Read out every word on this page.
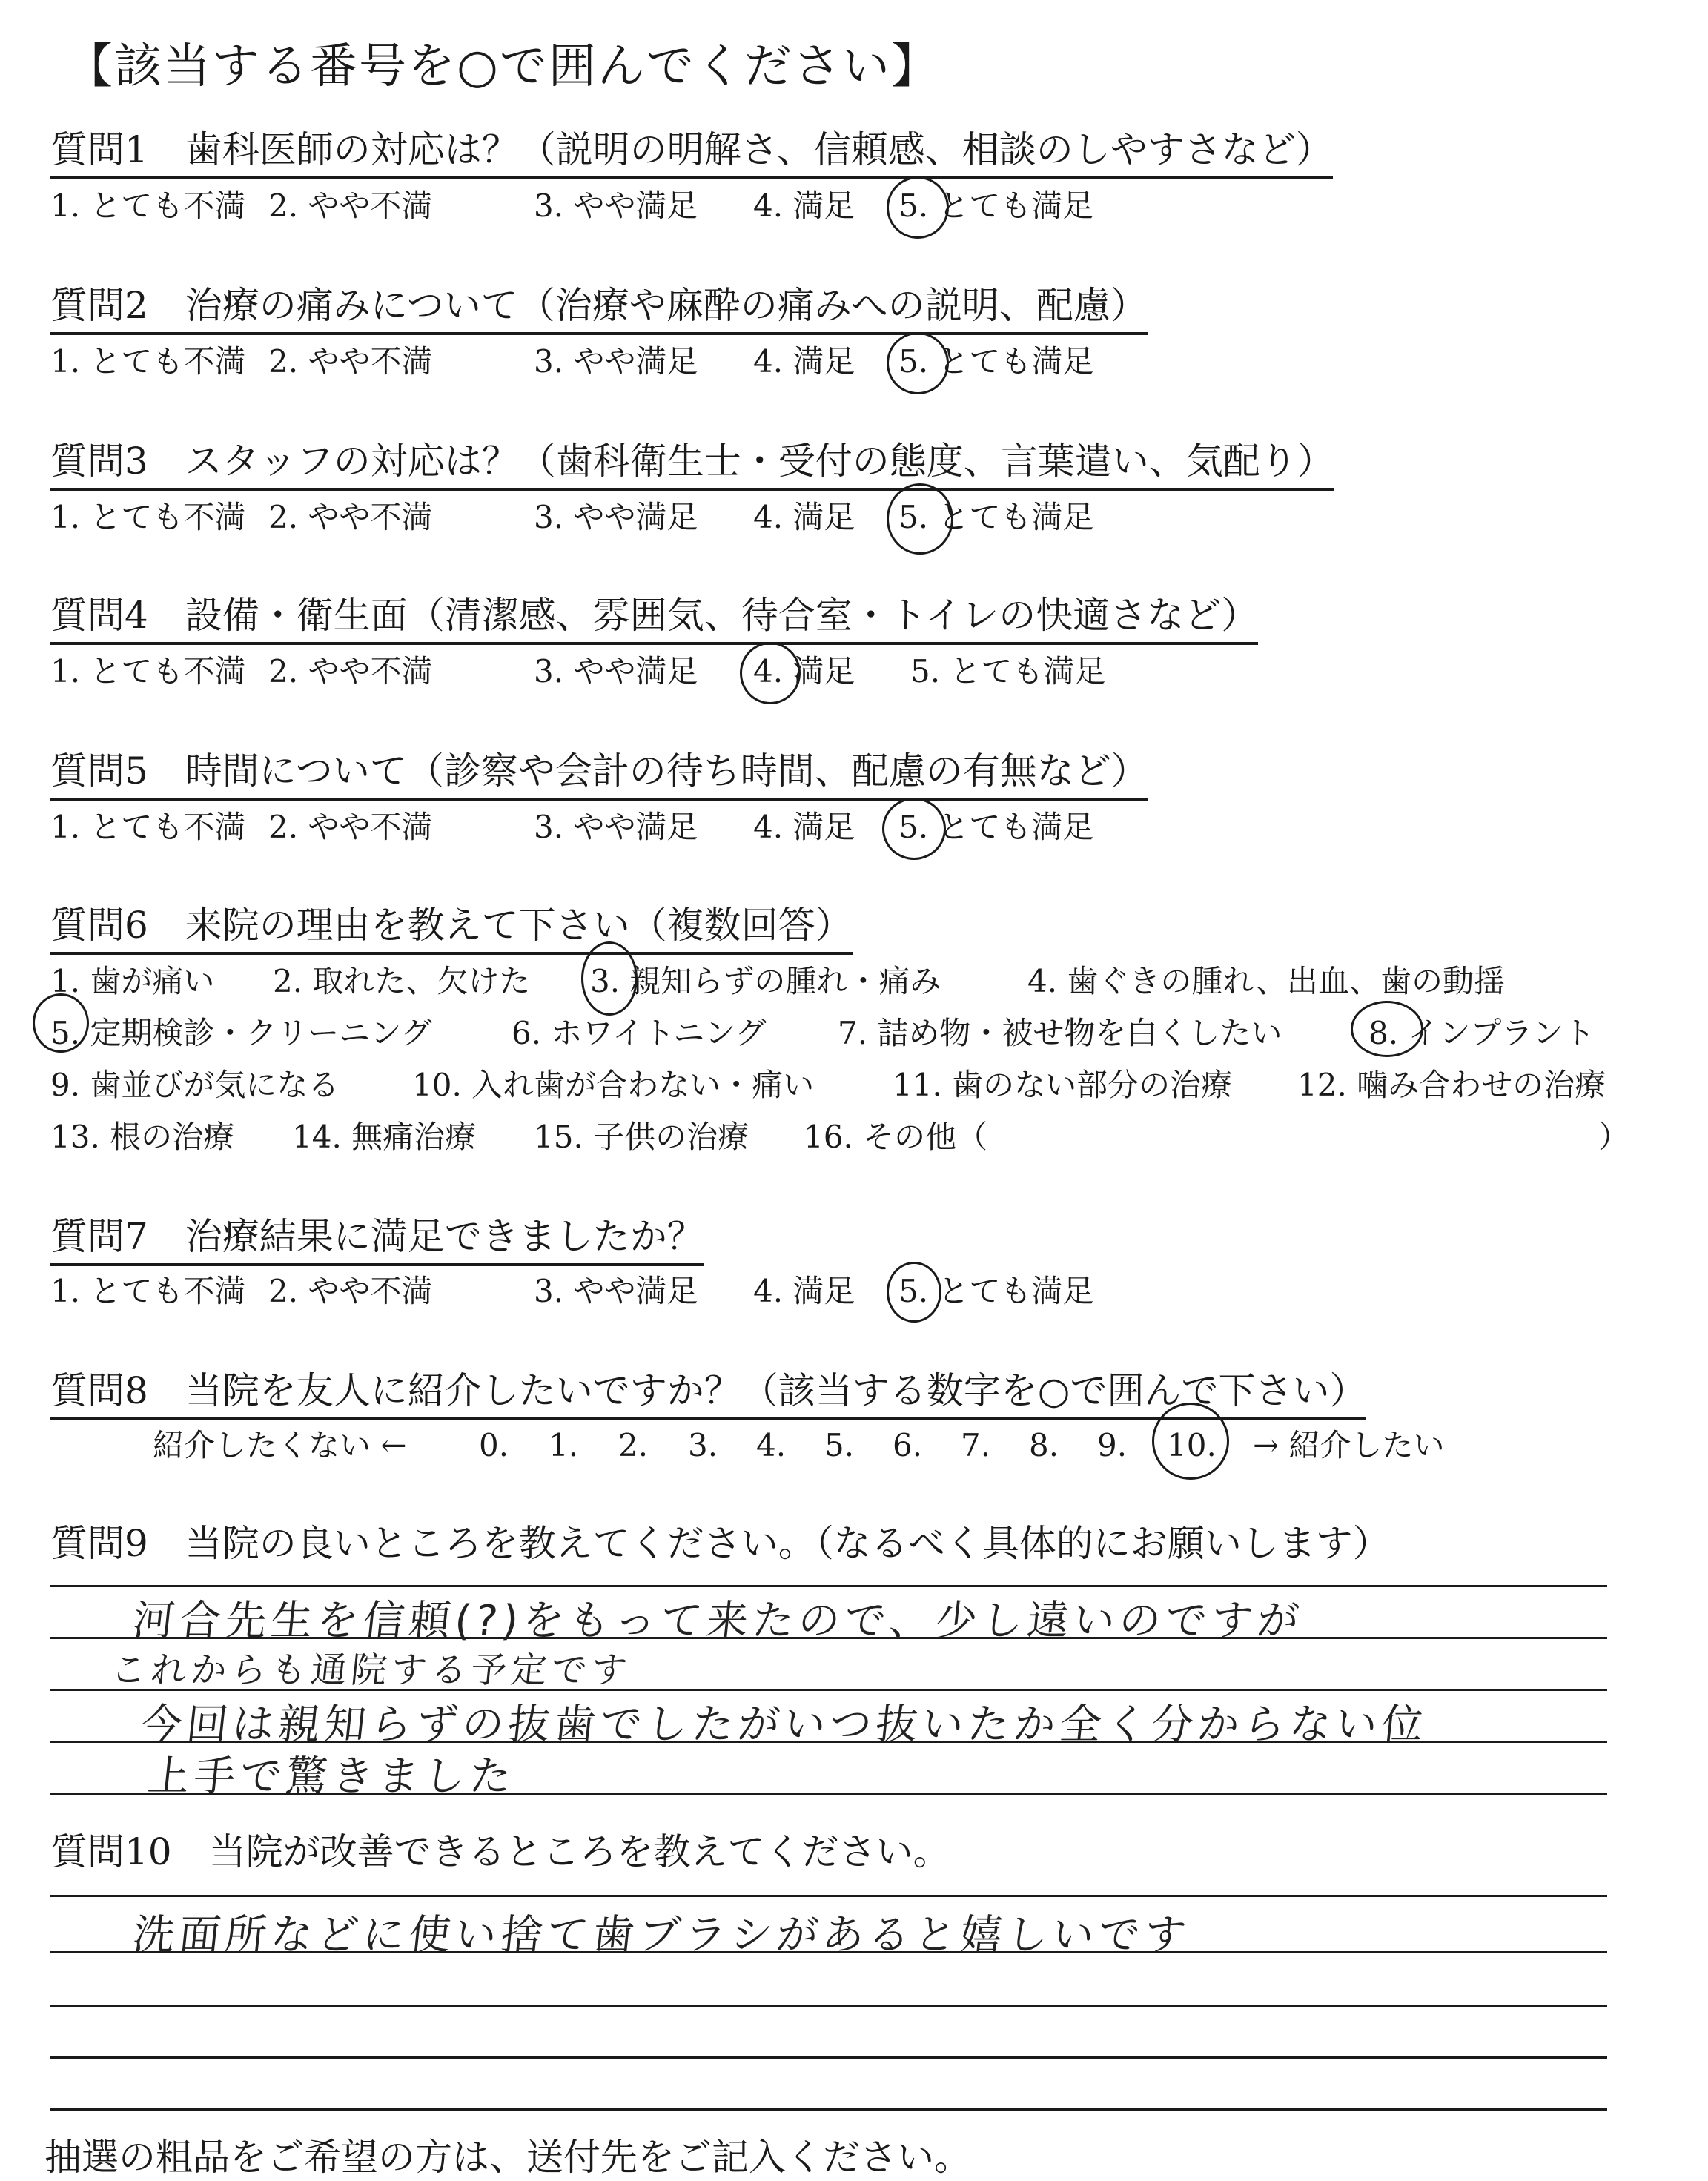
【該当する番号を○で囲んでください】
質問1　歯科医師の対応は？（説明の明解さ、信頼感、相談のしやすさなど）
1. とても不満 2. やや不満	3. やや満足 4. 満足 5. とても満足
質問2　治療の痛みについて（治療や麻酔の痛みへの説明、配慮）
1. とても不満 2. やや不満	3. やや満足 4. 満足 5. とても満足
質問3　スタッフの対応は？（歯科衛生士・受付の態度、言葉遣い、気配り）
1. とても不満 2. やや不満	3. やや満足 4. 満足 5. とても満足
質問4　設備・衛生面（清潔感、雰囲気、待合室・トイレの快適さなど）
1. とても不満 2. やや不満	3. やや満足 4. 満足 5. とても満足
質問5　時間について（診察や会計の待ち時間、配慮の有無など）
1. とても不満 2. やや不満	3. やや満足 4. 満足 5. とても満足
質問6　来院の理由を教えて下さい（複数回答）
1. 歯が痛い 2. 取れた、欠けた 3. 親知らずの腫れ・痛み	4. 歯ぐきの腫れ、出血、歯の動揺
5. 定期検診・クリーニング	6. ホワイトニング 7. 詰め物・被せ物を白くしたい	8. インプラント
9. 歯並びが気になる 10. 入れ歯が合わない・痛い	11. 歯のない部分の治療 12. 噛み合わせの治療
13. 根の治療 14. 無痛治療 15. 子供の治療 16. その他（	）
質問7　治療結果に満足できましたか？
1. とても不満 2. やや不満	3. やや満足 4. 満足 5. とても満足
質問8　当院を友人に紹介したいですか？（該当する数字を○で囲んで下さい）
紹介したくない ← 0. 1. 2. 3. 4. 5. 6. 7. 8. 9. 10. → 紹介したい
質問9　当院の良いところを教えてください。（なるべく具体的にお願いします）
河合先生を信頼(?)をもって来たので、少し遠いのですが
これからも通院する予定です
今回は親知らずの抜歯でしたがいつ抜いたか全く分からない位
上手で驚きました
質問10　当院が改善できるところを教えてください。
洗面所などに使い捨て歯ブラシがあると嬉しいです
抽選の粗品をご希望の方は、送付先をご記入ください。
